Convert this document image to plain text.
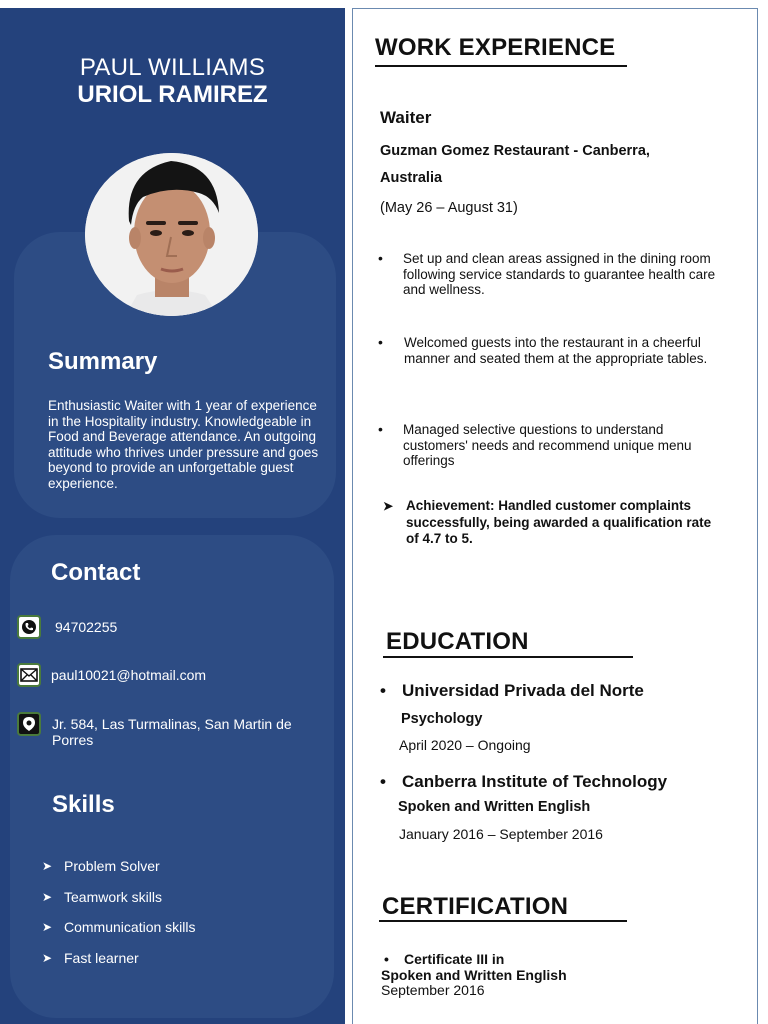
PAUL WILLIAMS
URIOL RAMIREZ
Summary
Enthusiastic Waiter with 1 year of experience in the Hospitality industry. Knowledgeable in Food and Beverage attendance. An outgoing attitude who thrives under pressure and goes beyond to provide an unforgettable guest experience.
Contact
94702255
paul10021@hotmail.com
Jr. 584, Las Turmalinas, San Martin de Porres
Skills
➤ Problem Solver
➤ Teamwork skills
➤ Communication skills
➤ Fast learner
WORK EXPERIENCE
Waiter
Guzman Gomez Restaurant - Canberra, Australia
(May 26 – August 31)
•	Set up and clean areas assigned in the dining room following service standards to guarantee health care and wellness.
•	Welcomed guests into the restaurant in a cheerful manner and seated them at the appropriate tables.
•	Managed selective questions to understand customers' needs and recommend unique menu offerings
➤ Achievement: Handled customer complaints successfully, being awarded a qualification rate of 4.7 to 5.
EDUCATION
• Universidad Privada del Norte
Psychology
April 2020 – Ongoing
• Canberra Institute of Technology
Spoken and Written English
January 2016 – September 2016
CERTIFICATION
• Certificate III in
Spoken and Written English
September 2016
